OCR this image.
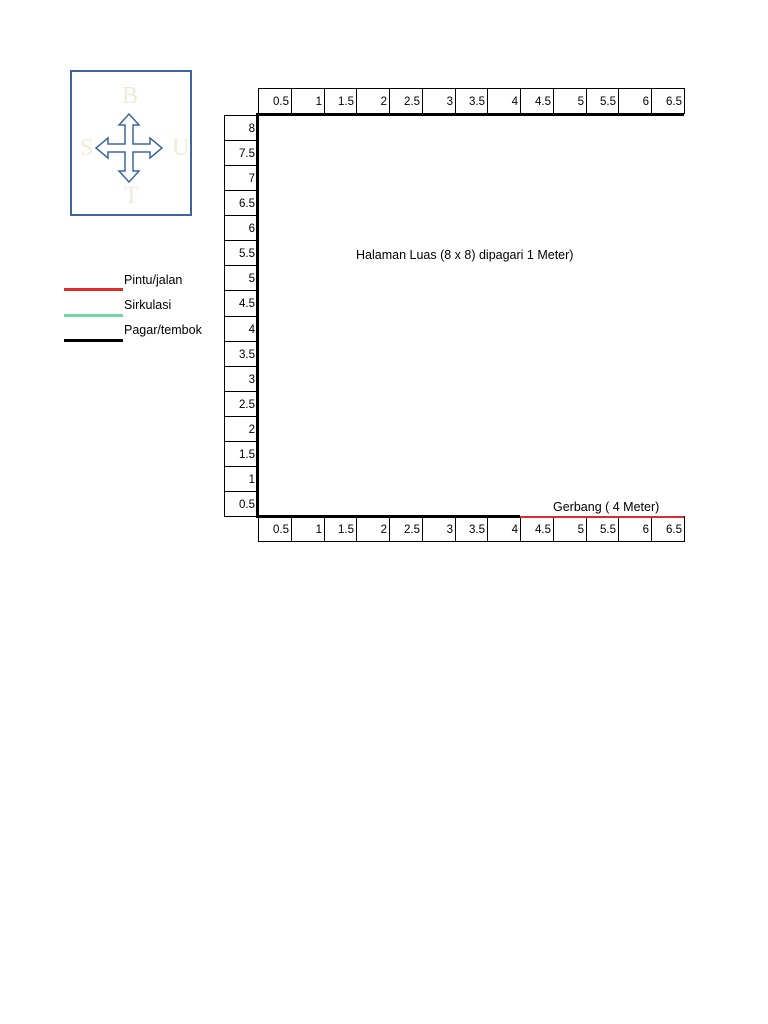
B
T
S	U
Pintu/jalan
Sirkulasi
Pagar/tembok
0.5	1	1.5	2	2.5	3	3.5	4	4.5	5	5.5	6	6.5
0.5	1	1.5	2	2.5	3	3.5	4	4.5	5	5.5	6	6.5
8
7.5
7
6.5
6
5.5
5
4.5
4
3.5
3
2.5
2
1.5
1
0.5
Halaman Luas (8 x 8) dipagari 1 Meter)
Gerbang ( 4 Meter)
